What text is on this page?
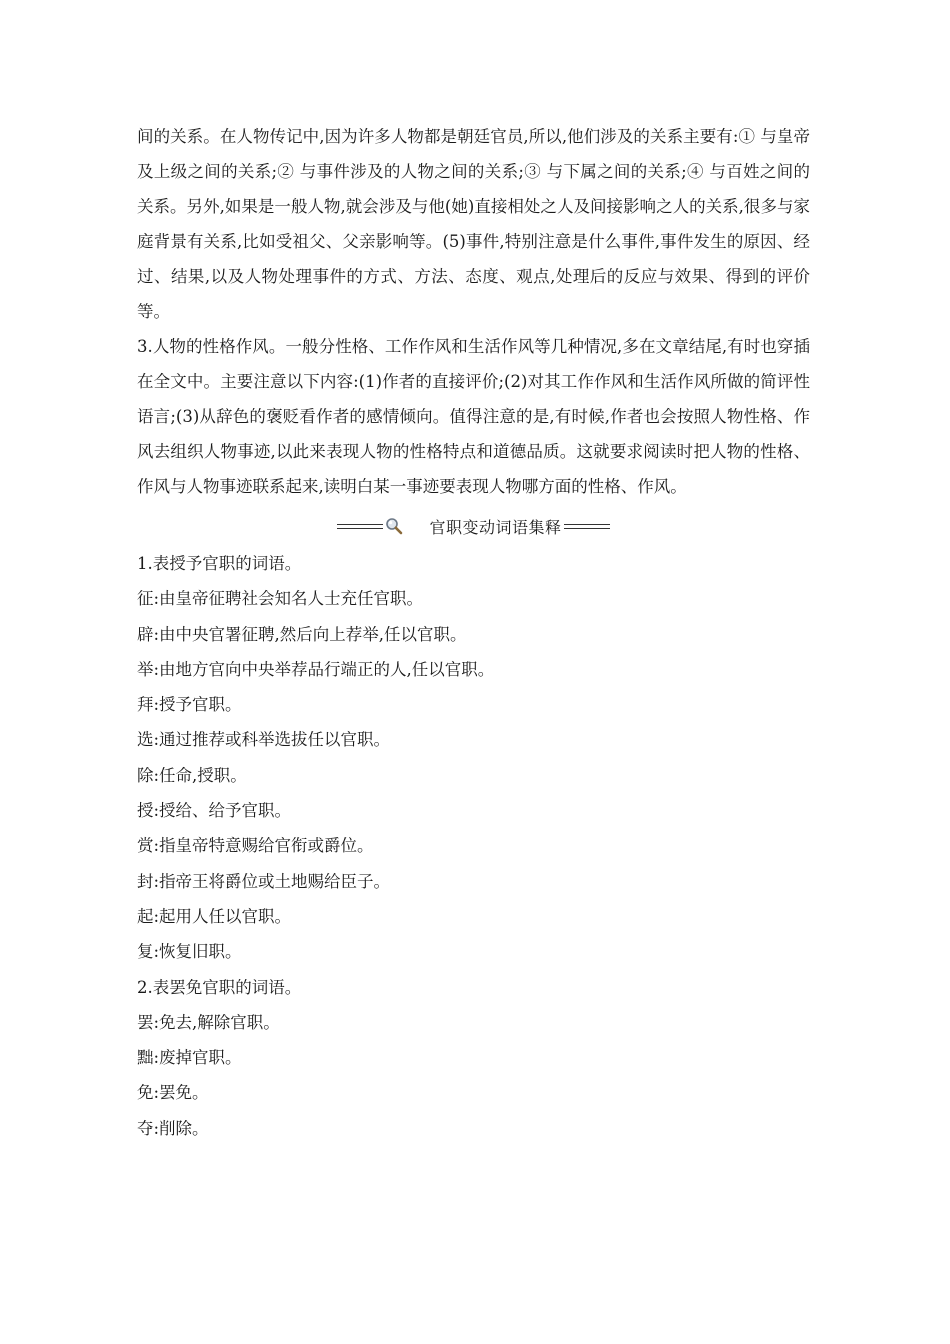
间的关系。在人物传记中,因为许多人物都是朝廷官员,所以,他们涉及的关系主要有:① 与皇帝及上级之间的关系;② 与事件涉及的人物之间的关系;③ 与下属之间的关系;④ 与百姓之间的关系。另外,如果是一般人物,就会涉及与他(她)直接相处之人及间接影响之人的关系,很多与家庭背景有关系,比如受祖父、父亲影响等。(5)事件,特别注意是什么事件,事件发生的原因、经过、结果,以及人物处理事件的方式、方法、态度、观点,处理后的反应与效果、得到的评价等。

3.人物的性格作风。一般分性格、工作作风和生活作风等几种情况,多在文章结尾,有时也穿插在全文中。主要注意以下内容:(1)作者的直接评价;(2)对其工作作风和生活作风所做的简评性语言;(3)从辞色的褒贬看作者的感情倾向。值得注意的是,有时候,作者也会按照人物性格、作风去组织人物事迹,以此来表现人物的性格特点和道德品质。这就要求阅读时把人物的性格、作风与人物事迹联系起来,读明白某一事迹要表现人物哪方面的性格、作风。

官职变动词语集释

1.表授予官职的词语。

征:由皇帝征聘社会知名人士充任官职。

辟:由中央官署征聘,然后向上荐举,任以官职。

举:由地方官向中央举荐品行端正的人,任以官职。

拜:授予官职。

选:通过推荐或科举选拔任以官职。

除:任命,授职。

授:授给、给予官职。

赏:指皇帝特意赐给官衔或爵位。

封:指帝王将爵位或土地赐给臣子。

起:起用人任以官职。

复:恢复旧职。

2.表罢免官职的词语。

罢:免去,解除官职。

黜:废掉官职。

免:罢免。

夺:削除。
